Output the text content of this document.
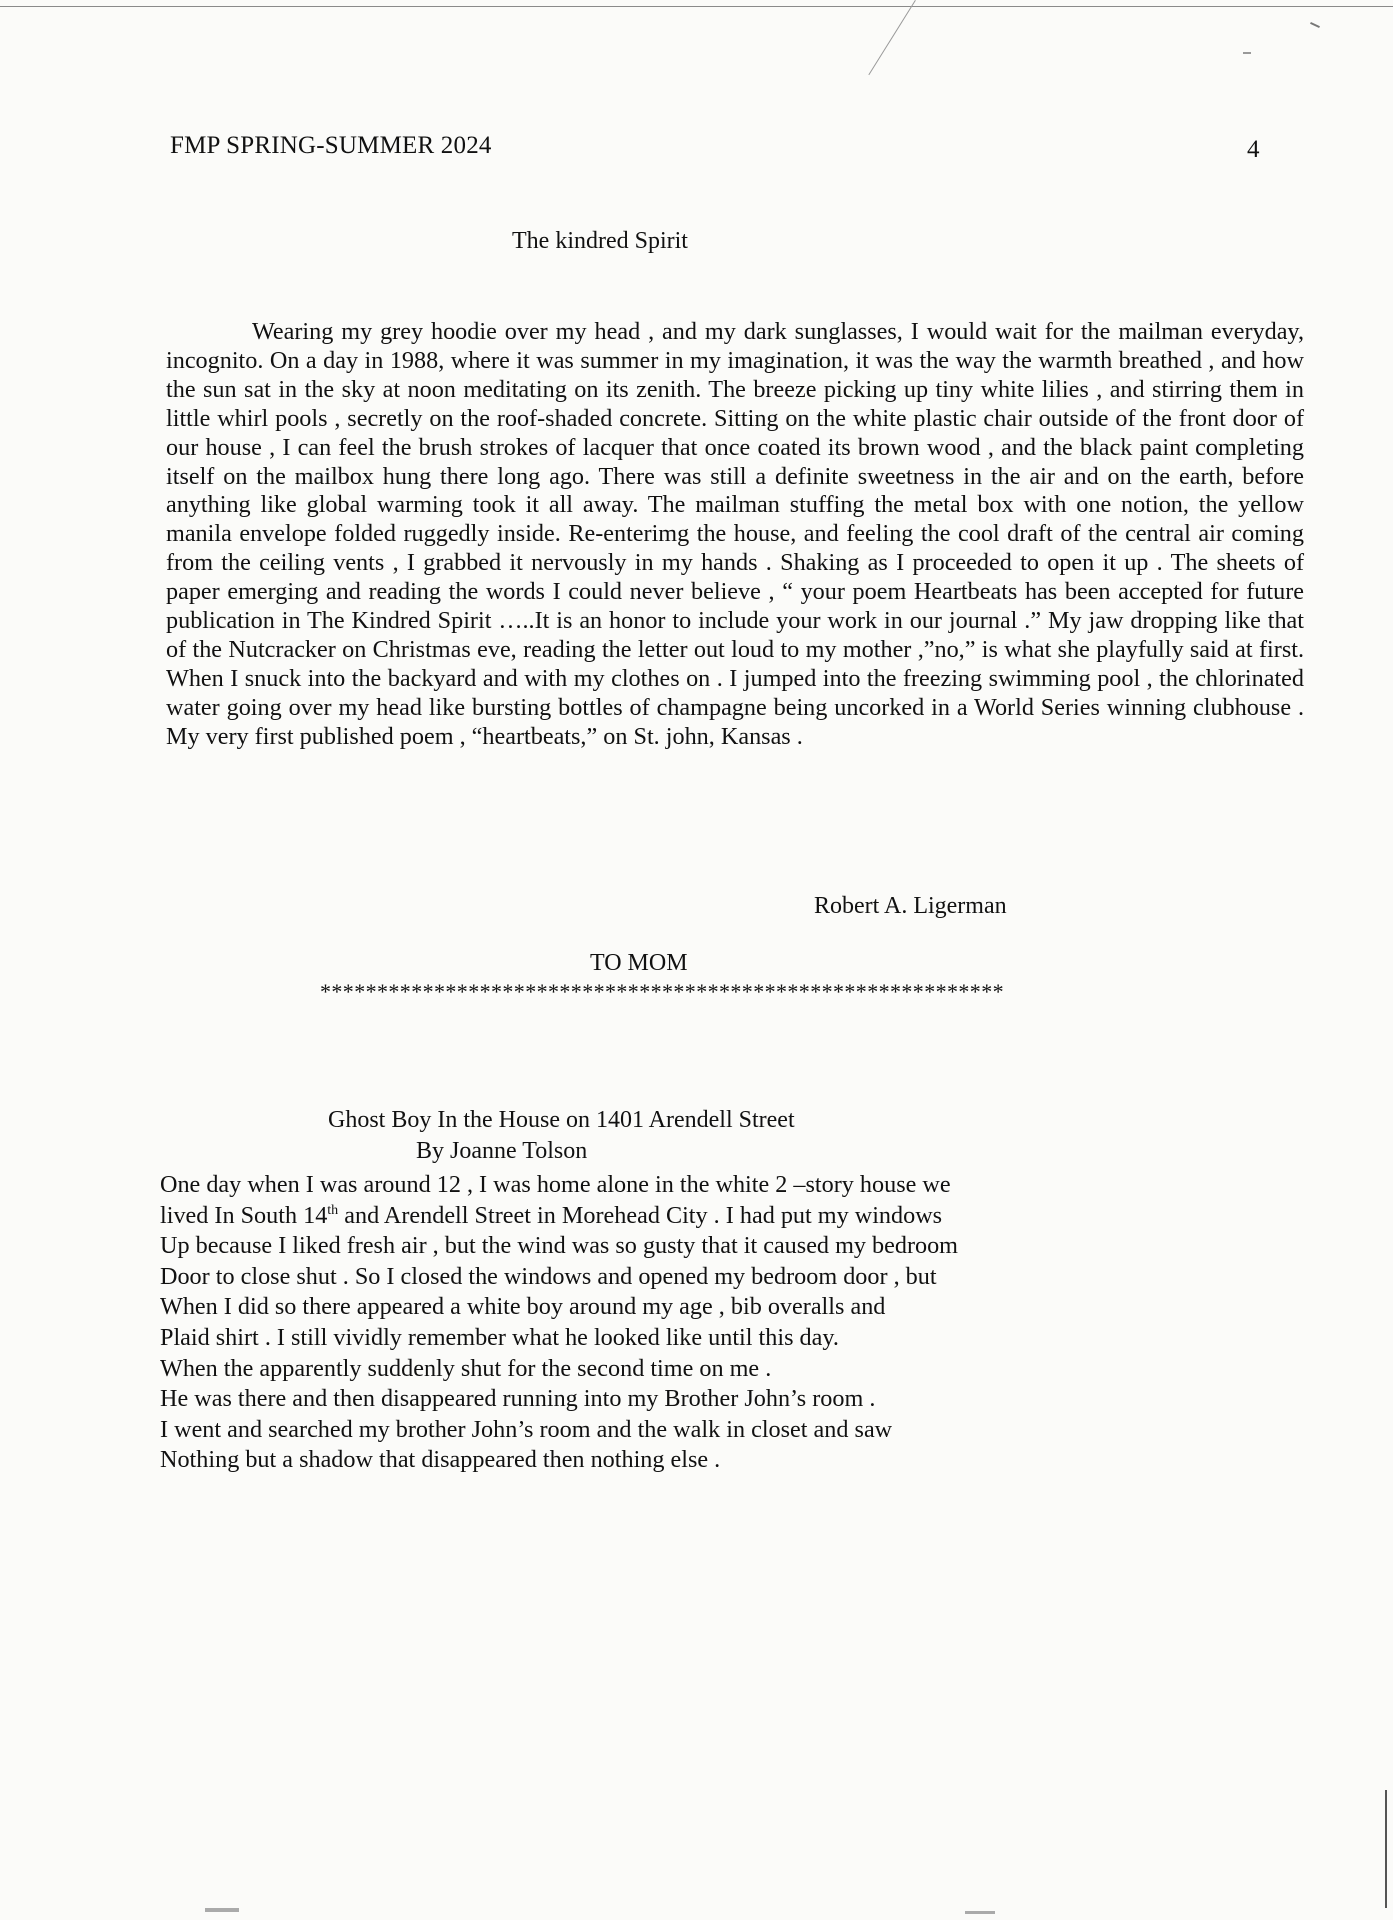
FMP SPRING-SUMMER 2024	4
The kindred Spirit

Wearing my grey hoodie over my head , and my dark sunglasses, I would wait for the mailman everyday, incognito. On a day in 1988, where it was summer in my imagination, it was the way the warmth breathed , and how the sun sat in the sky at noon meditating on its zenith. The breeze picking up tiny white lilies , and stirring them in little whirl pools , secretly on the roof-shaded concrete. Sitting on the white plastic chair outside of the front door of our house , I can feel the brush strokes of lacquer that once coated its brown wood , and the black paint completing itself on the mailbox hung there long ago. There was still a definite sweetness in the air and on the earth, before anything like global warming took it all away. The mailman stuffing the metal box with one notion, the yellow manila envelope folded ruggedly inside. Re-enterimg the house, and feeling the cool draft of the central air coming from the ceiling vents , I grabbed it nervously in my hands . Shaking as I proceeded to open it up . The sheets of paper emerging and reading the words I could never believe , “ your poem Heartbeats has been accepted for future publication in The Kindred Spirit …..It is an honor to include your work in our journal .” My jaw dropping like that of the Nutcracker on Christmas eve, reading the letter out loud to my mother ,”no,” is what she playfully said at first. When I snuck into the backyard and with my clothes on . I jumped into the freezing swimming pool , the chlorinated water going over my head like bursting bottles of champagne being uncorked in a World Series winning clubhouse . My very first published poem , “heartbeats,” on St. john, Kansas .

Robert A. Ligerman
TO MOM
************************************************************
Ghost Boy In the House on 1401 Arendell Street
By Joanne Tolson
One day when I was around 12 , I was home alone in the white 2 –story house we
lived In South 14th and Arendell Street in Morehead City . I had put my windows
Up because I liked fresh air , but the wind was so gusty that it caused my bedroom
Door to close shut . So I closed the windows and opened my bedroom door , but
When I did so there appeared a white boy around my age , bib overalls and
Plaid shirt . I still vividly remember what he looked like until this day.
When the apparently suddenly shut for the second time on me .
He was there and then disappeared running into my Brother John’s room .
I went and searched my brother John’s room and the walk in closet and saw
Nothing but a shadow that disappeared then nothing else .
